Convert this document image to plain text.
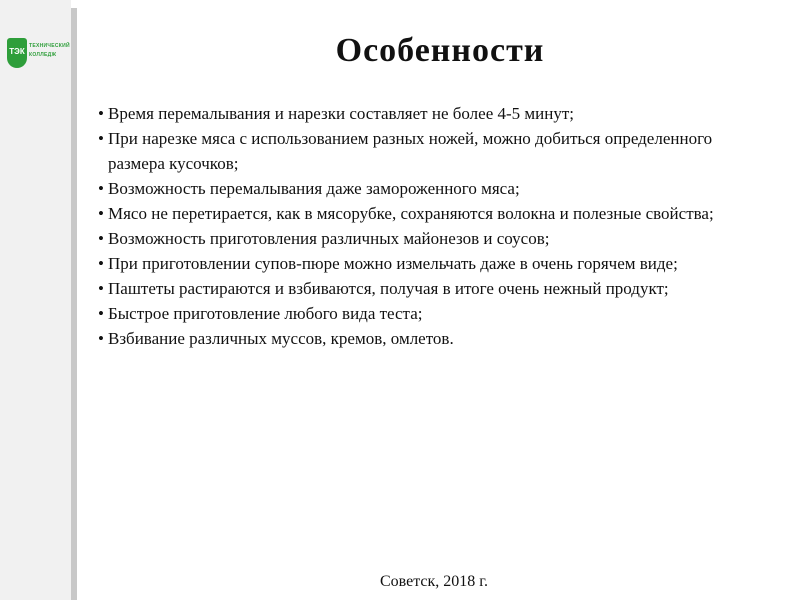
ТЭК
ТЕХНИЧЕСКИЙ
КОЛЛЕДЖ	Особенности
• Время перемалывания и нарезки составляет не более 4-5 минут;
• При нарезке мяса с использованием разных ножей, можно добиться определенного размера кусочков;
• Возможность перемалывания даже замороженного мяса;
• Мясо не перетирается, как в мясорубке, сохраняются волокна и полезные свойства;
• Возможность приготовления различных майонезов и соусов;
• При приготовлении супов-пюре можно измельчать даже в очень горячем виде;
• Паштеты растираются и взбиваются, получая в итоге очень нежный продукт;
• Быстрое приготовление любого вида теста;
• Взбивание различных муссов, кремов, омлетов.
Советск, 2018 г.
